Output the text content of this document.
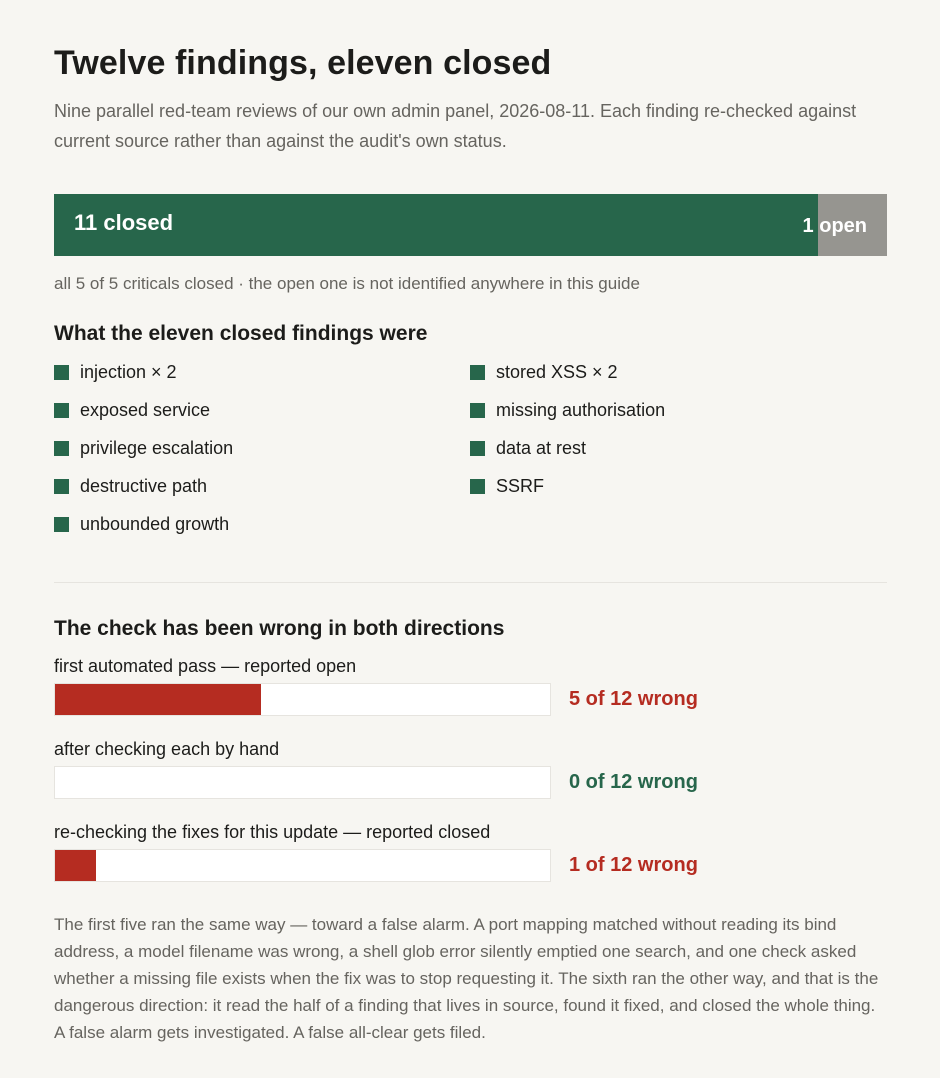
Twelve findings, eleven closed

Nine parallel red-team reviews of our own admin panel, 2026-08-11. Each finding re-checked against current source rather than against the audit's own status.

11 closed	1 open
all 5 of 5 criticals closed · the open one is not identified anywhere in this guide
What the eleven closed findings were
injection × 2
exposed service
privilege escalation
destructive path
unbounded growth
stored XSS × 2
missing authorisation
data at rest
SSRF
The check has been wrong in both directions
first automated pass — reported open
5 of 12 wrong
after checking each by hand
0 of 12 wrong
re-checking the fixes for this update — reported closed
1 of 12 wrong

The first five ran the same way — toward a false alarm. A port mapping matched without reading its bind address, a model filename was wrong, a shell glob error silently emptied one search, and one check asked whether a missing file exists when the fix was to stop requesting it. The sixth ran the other way, and that is the dangerous direction: it read the half of a finding that lives in source, found it fixed, and closed the whole thing. A false alarm gets investigated. A false all-clear gets filed.
